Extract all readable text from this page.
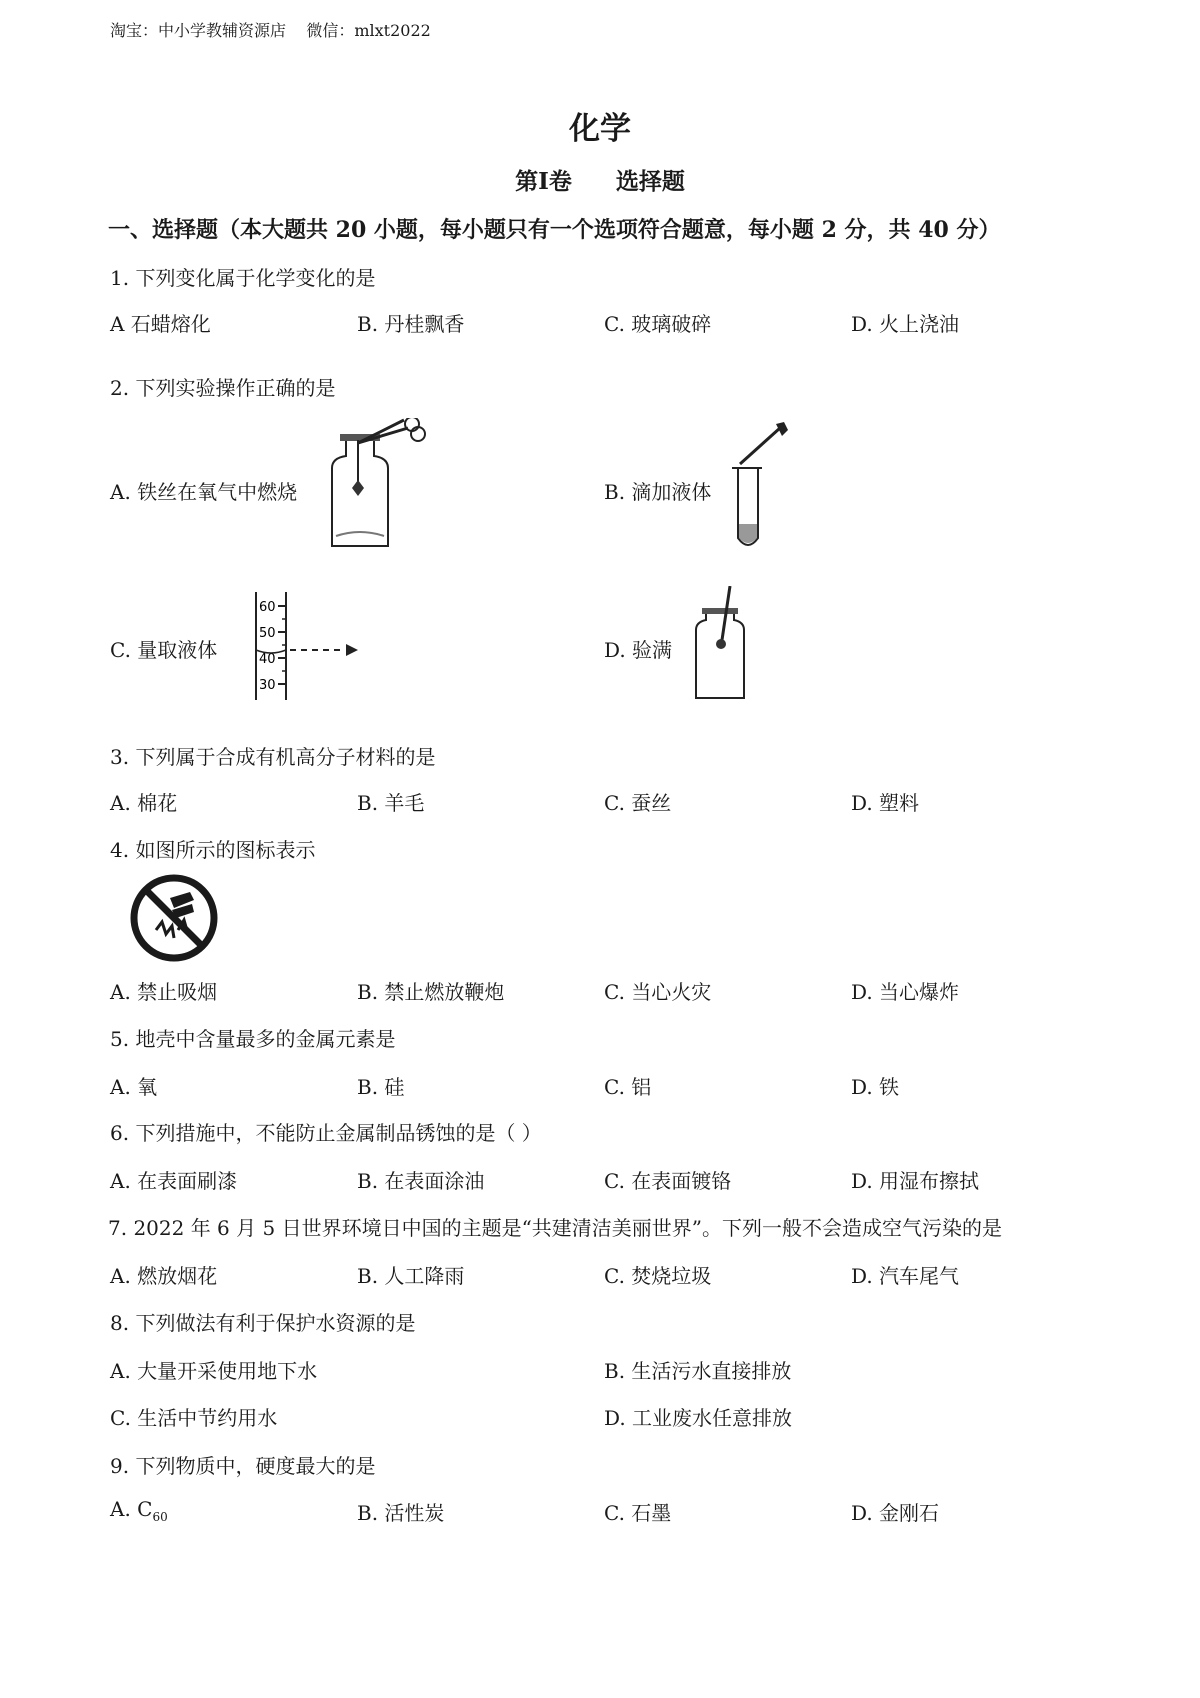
淘宝：中小学教辅资源店 微信：mlxt2022
化学
第Ⅰ卷 选择题
一、选择题（本大题共 20 小题，每小题只有一个选项符合题意，每小题 2 分，共 40 分）
1. 下列变化属于化学变化的是
A 石蜡熔化	B. 丹桂飘香	C. 玻璃破碎	D. 火上浇油
2. 下列实验操作正确的是
A. 铁丝在氧气中燃烧	B. 滴加液体
C. 量取液体	D. 验满
60
50
40
30
3. 下列属于合成有机高分子材料的是
A. 棉花	B. 羊毛	C. 蚕丝	D. 塑料
4. 如图所示的图标表示
A. 禁止吸烟	B. 禁止燃放鞭炮	C. 当心火灾	D. 当心爆炸
5. 地壳中含量最多的金属元素是
A. 氧	B. 硅	C. 铝	D. 铁
6. 下列措施中，不能防止金属制品锈蚀的是（ ）
A. 在表面刷漆	B. 在表面涂油	C. 在表面镀铬	D. 用湿布擦拭
7. 2022 年 6 月 5 日世界环境日中国的主题是“共建清洁美丽世界”。下列一般不会造成空气污染的是
A. 燃放烟花	B. 人工降雨	C. 焚烧垃圾	D. 汽车尾气
8. 下列做法有利于保护水资源的是
A. 大量开采使用地下水	B. 生活污水直接排放
C. 生活中节约用水	D. 工业废水任意排放
9. 下列物质中，硬度最大的是
A. $C_{60}$	B. 活性炭	C. 石墨	D. 金刚石
